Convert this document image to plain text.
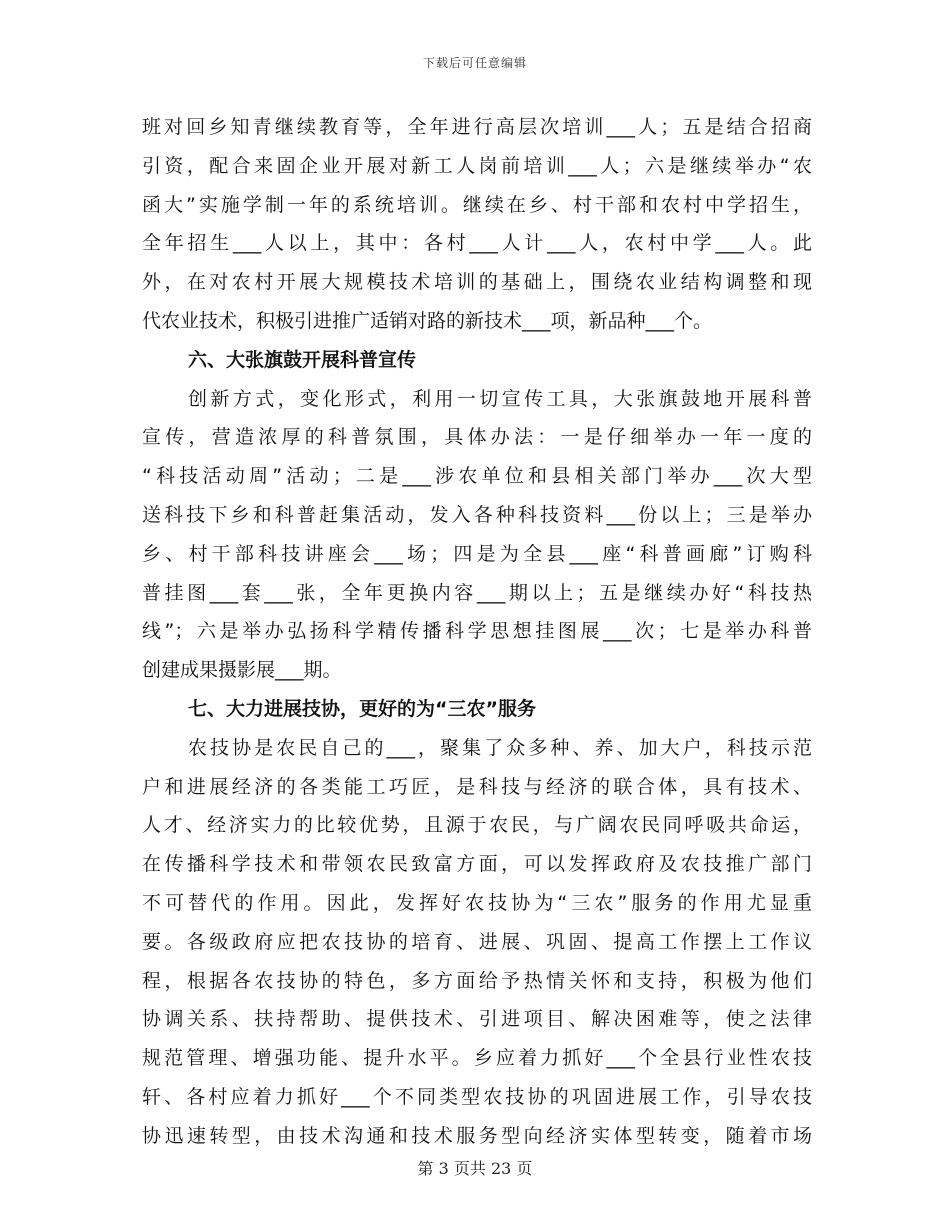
下载后可任意编辑
班对回乡知青继续教育等，全年进行高层次培训___人；五是结合招商
引资，配合来固企业开展对新工人岗前培训___人；六是继续举办“农
函大”实施学制一年的系统培训。继续在乡、村干部和农村中学招生，
全年招生___人以上，其中：各村___人计___人，农村中学___人。此
外，在对农村开展大规模技术培训的基础上，围绕农业结构调整和现
代农业技术，积极引进推广适销对路的新技术___项，新品种___个。
六、大张旗鼓开展科普宣传
创新方式，变化形式，利用一切宣传工具，大张旗鼓地开展科普
宣传，营造浓厚的科普氛围，具体办法：一是仔细举办一年一度的
“科技活动周”活动；二是___涉农单位和县相关部门举办___次大型
送科技下乡和科普赶集活动，发入各种科技资料___份以上；三是举办
乡、村干部科技讲座会___场；四是为全县___座“科普画廊”订购科
普挂图___套___张，全年更换内容___期以上；五是继续办好“科技热
线”；六是举办弘扬科学精传播科学思想挂图展___次；七是举办科普
创建成果摄影展___期。
七、大力进展技协，更好的为“三农”服务
农技协是农民自己的___，聚集了众多种、养、加大户，科技示范
户和进展经济的各类能工巧匠，是科技与经济的联合体，具有技术、
人才、经济实力的比较优势，且源于农民，与广阔农民同呼吸共命运，
在传播科学技术和带领农民致富方面，可以发挥政府及农技推广部门
不可替代的作用。因此，发挥好农技协为“三农”服务的作用尤显重
要。各级政府应把农技协的培育、进展、巩固、提高工作摆上工作议
程，根据各农技协的特色，多方面给予热情关怀和支持，积极为他们
协调关系、扶持帮助、提供技术、引进项目、解决困难等，使之法律
规范管理、增强功能、提升水平。乡应着力抓好___个全县行业性农技
轩、各村应着力抓好___个不同类型农技协的巩固进展工作，引导农技
协迅速转型，由技术沟通和技术服务型向经济实体型转变，随着市场
第 3 页共 23 页
